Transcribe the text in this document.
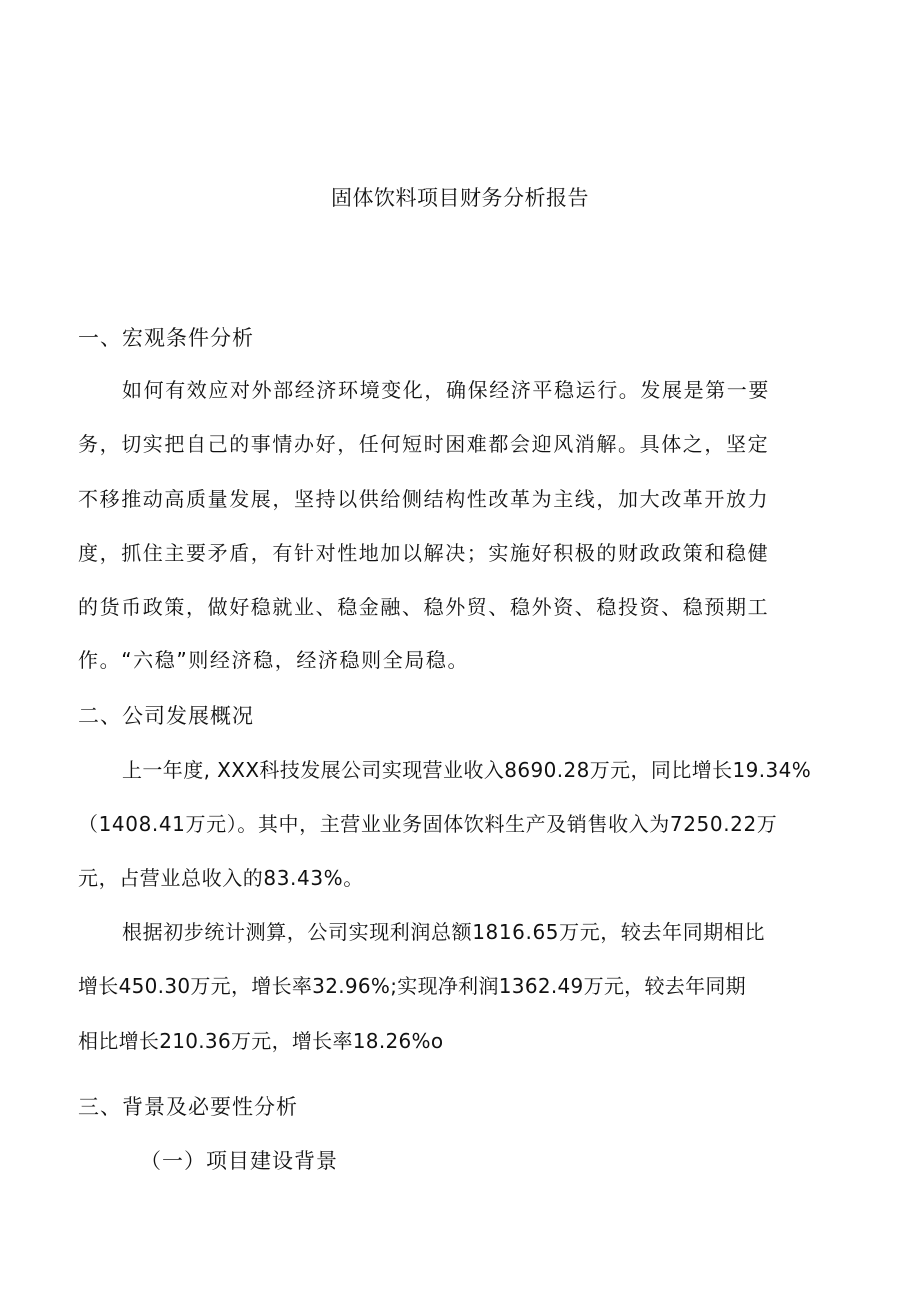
固体饮料项目财务分析报告
一、宏观条件分析
如何有效应对外部经济环境变化，确保经济平稳运行。发展是第一要
务，切实把自己的事情办好，任何短时困难都会迎风消解。具体之，坚定
不移推动高质量发展，坚持以供给侧结构性改革为主线，加大改革开放力
度，抓住主要矛盾，有针对性地加以解决；实施好积极的财政政策和稳健
的货币政策，做好稳就业、稳金融、稳外贸、稳外资、稳投资、稳预期工
作。“六稳”则经济稳，经济稳则全局稳。
二、公司发展概况
上一年度, XXX科技发展公司实现营业收入8690.28万元，同比增长19.34%
（1408.41万元）。其中，主营业业务固体饮料生产及销售收入为7250.22万
元，占营业总收入的83.43%。
根据初步统计测算，公司实现利润总额1816.65万元，较去年同期相比
增长450.30万元，增长率32.96%;实现净利润1362.49万元，较去年同期
相比增长210.36万元，增长率18.26%o
三、背景及必要性分析
（一）项目建设背景
